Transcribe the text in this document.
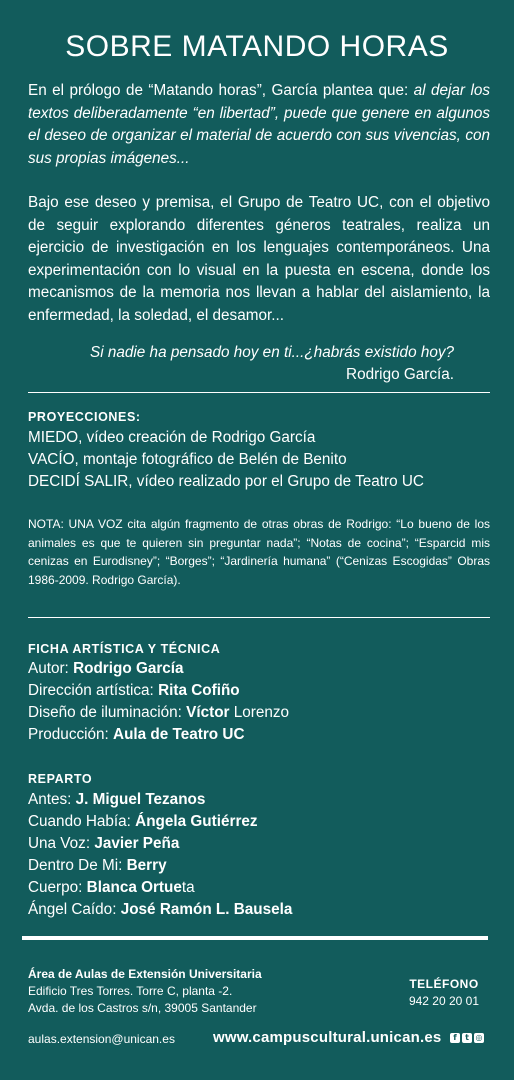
SOBRE MATANDO HORAS

En el prólogo de “Matando horas”, García plantea que: al dejar los textos deliberadamente “en libertad”, puede que genere en algunos el deseo de organizar el material de acuerdo con sus vivencias, con sus propias imágenes...

Bajo ese deseo y premisa, el Grupo de Teatro UC, con el objetivo de seguir explorando diferentes géneros teatrales, realiza un ejercicio de investigación en los lenguajes contemporáneos. Una experimentación con lo visual en la puesta en escena, donde los mecanismos de la memoria nos llevan a hablar del aislamiento, la enfermedad, la soledad, el desamor...

Si nadie ha pensado hoy en ti...¿habrás existido hoy?
Rodrigo García.
PROYECCIONES:
MIEDO, vídeo creación de Rodrigo García
VACÍO, montaje fotográfico de Belén de Benito
DECIDÍ SALIR, vídeo realizado por el Grupo de Teatro UC
NOTA: UNA VOZ cita algún fragmento de otras obras de Rodrigo: “Lo bueno de los animales es que te quieren sin preguntar nada”; “Notas de cocina”; “Esparcid mis cenizas en Eurodisney”; “Borges”; “Jardinería humana” (“Cenizas Escogidas” Obras 1986-2009. Rodrigo García).
FICHA ARTÍSTICA Y TÉCNICA
Autor: Rodrigo García
Dirección artística: Rita Cofiño
Diseño de iluminación: Víctor Lorenzo
Producción: Aula de Teatro UC
REPARTO
Antes: J. Miguel Tezanos
Cuando Había: Ángela Gutiérrez
Una Voz: Javier Peña
Dentro De Mi: Berry
Cuerpo: Blanca Ortueta
Ángel Caído: José Ramón L. Bausela
Área de Aulas de Extensión Universitaria
Edificio Tres Torres. Torre C, planta -2.
Avda. de los Castros s/n, 39005 Santander
TELÉFONO
942 20 20 01
aulas.extension@unican.es	www.campuscultural.unican.es	f	t ◎
